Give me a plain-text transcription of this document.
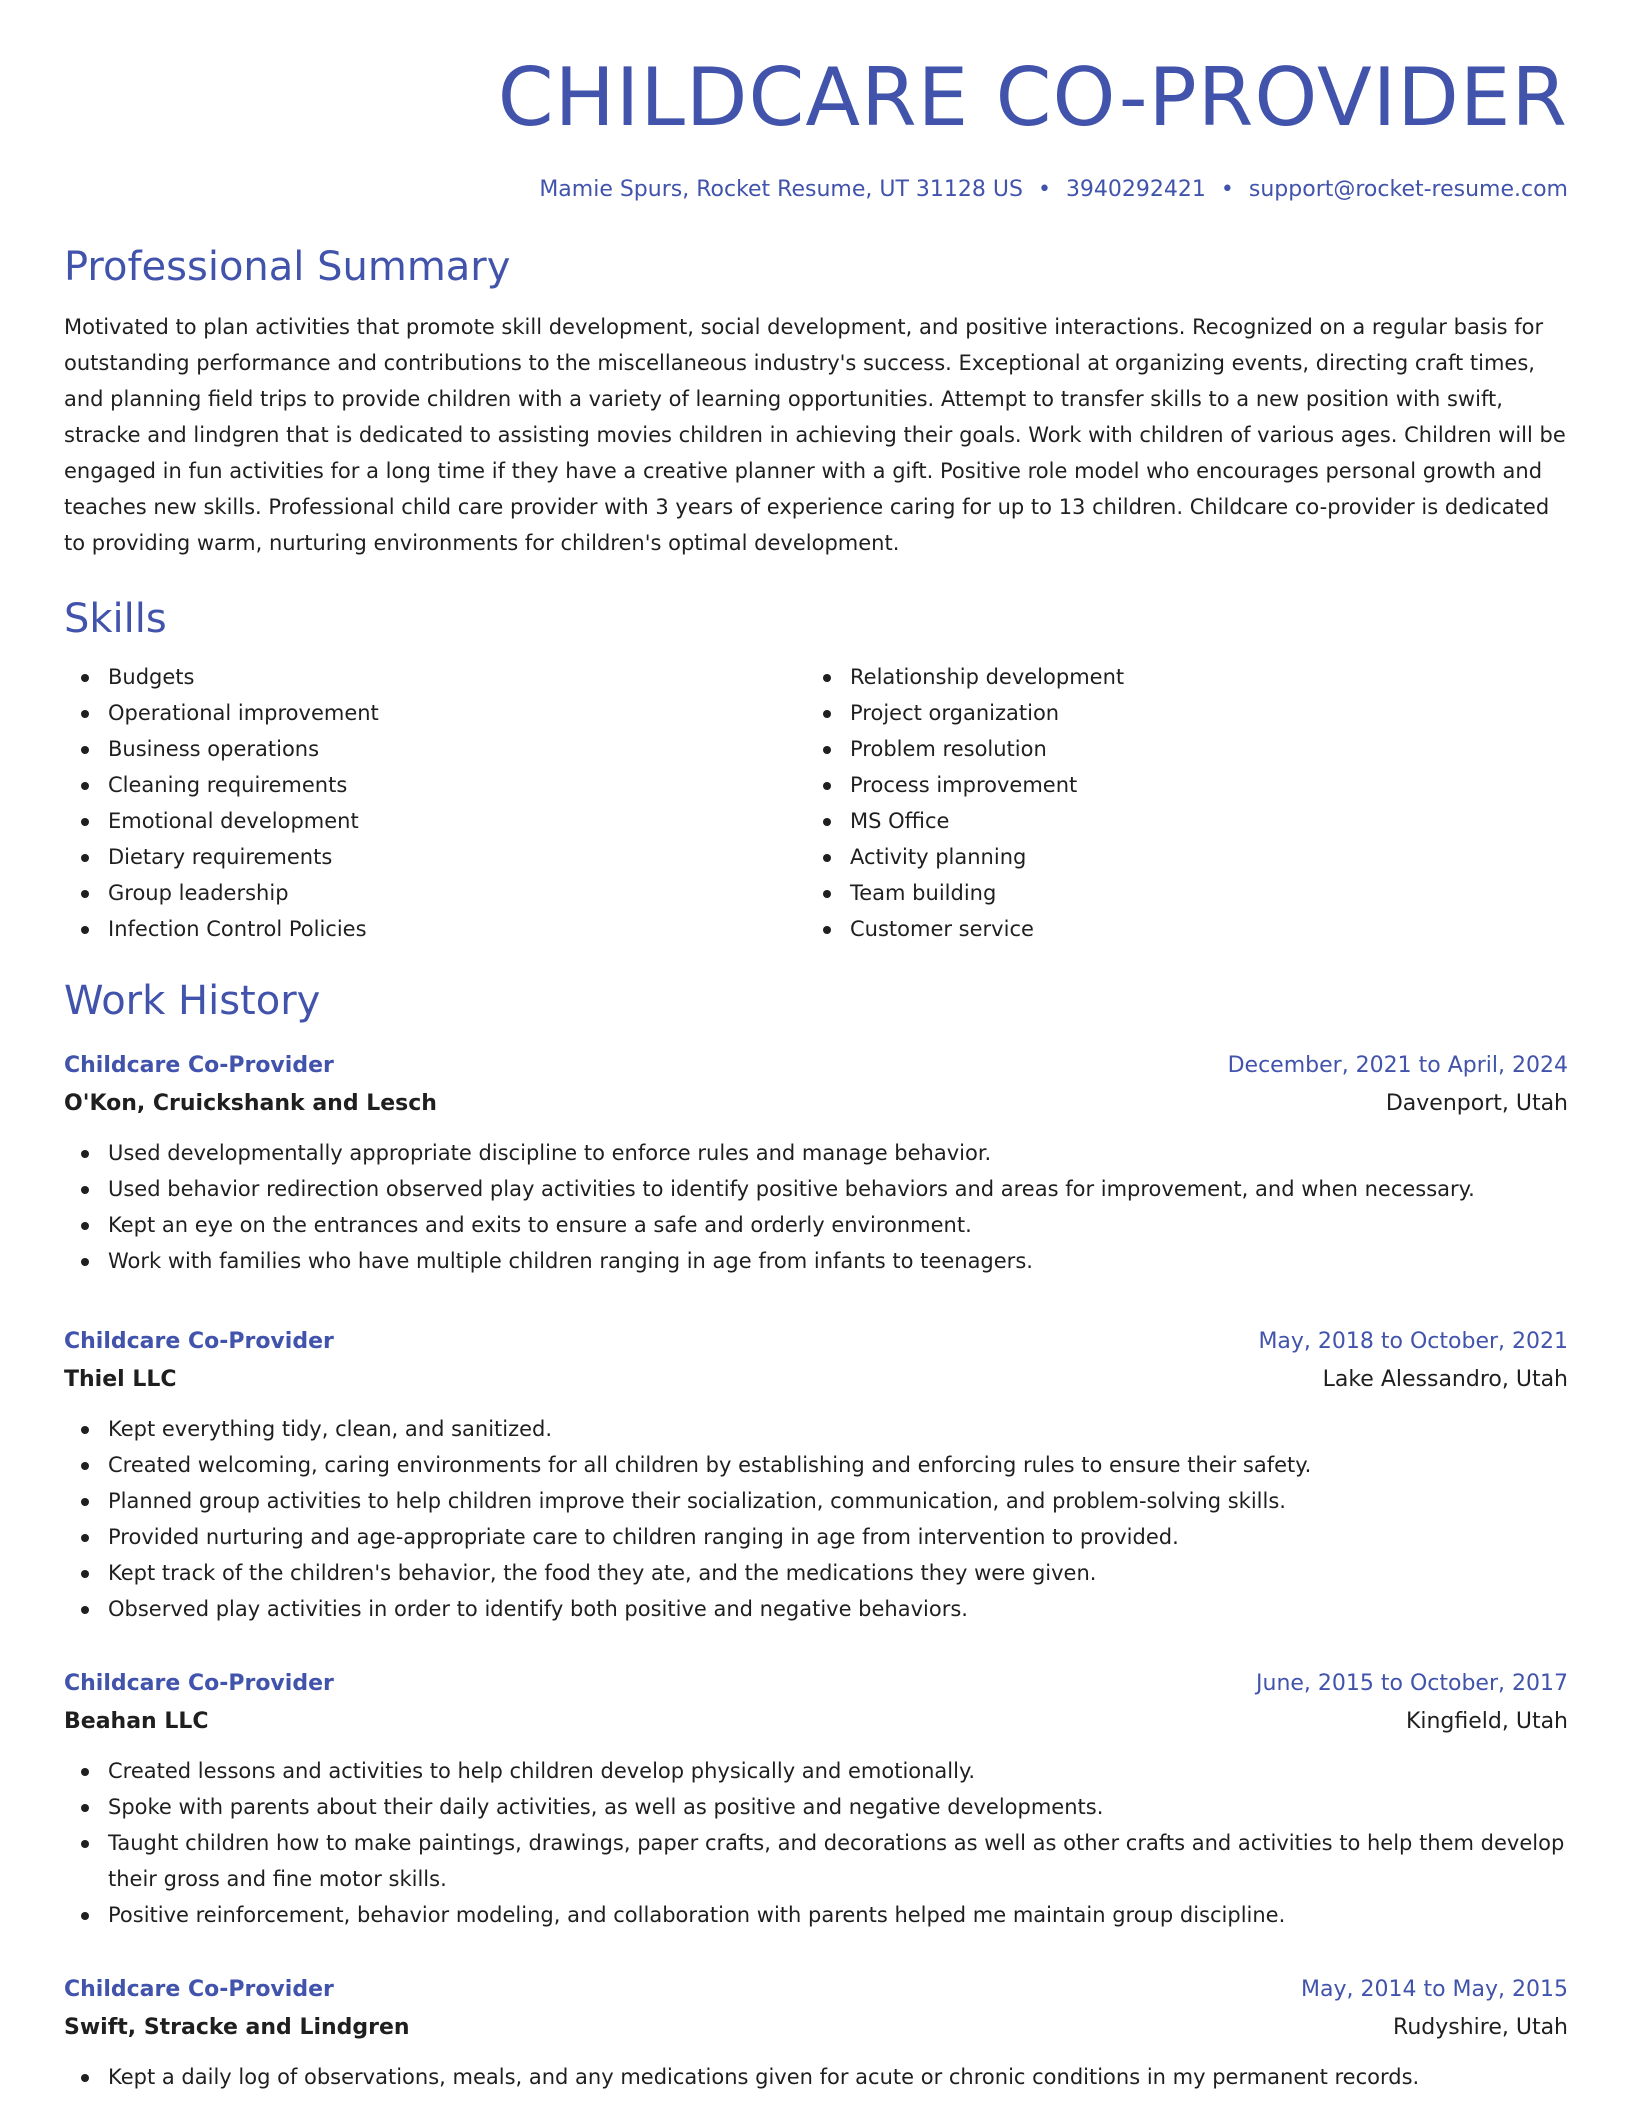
CHILDCARE CO-PROVIDER
Mamie Spurs, Rocket Resume, UT 31128 US • 3940292421 • support@rocket-resume.com
Professional Summary

Motivated to plan activities that promote skill development, social development, and positive interactions. Recognized on a regular basis for outstanding performance and contributions to the miscellaneous industry's success. Exceptional at organizing events, directing craft times, and planning field trips to provide children with a variety of learning opportunities. Attempt to transfer skills to a new position with swift, stracke and lindgren that is dedicated to assisting movies children in achieving their goals. Work with children of various ages. Children will be engaged in fun activities for a long time if they have a creative planner with a gift. Positive role model who encourages personal growth and teaches new skills. Professional child care provider with 3 years of experience caring for up to 13 children. Childcare co-provider is dedicated to providing warm, nurturing environments for children's optimal development.

Skills
Budgets
Operational improvement
Business operations
Cleaning requirements
Emotional development
Dietary requirements
Group leadership
Infection Control Policies
Relationship development
Project organization
Problem resolution
Process improvement
MS Office
Activity planning
Team building
Customer service
Work History
Childcare Co-Provider	December, 2021 to April, 2024
O'Kon, Cruickshank and Lesch	Davenport, Utah
Used developmentally appropriate discipline to enforce rules and manage behavior.
Used behavior redirection observed play activities to identify positive behaviors and areas for improvement, and when necessary.
Kept an eye on the entrances and exits to ensure a safe and orderly environment.
Work with families who have multiple children ranging in age from infants to teenagers.
Childcare Co-Provider	May, 2018 to October, 2021
Thiel LLC	Lake Alessandro, Utah
Kept everything tidy, clean, and sanitized.
Created welcoming, caring environments for all children by establishing and enforcing rules to ensure their safety.
Planned group activities to help children improve their socialization, communication, and problem-solving skills.
Provided nurturing and age-appropriate care to children ranging in age from intervention to provided.
Kept track of the children's behavior, the food they ate, and the medications they were given.
Observed play activities in order to identify both positive and negative behaviors.
Childcare Co-Provider	June, 2015 to October, 2017
Beahan LLC	Kingfield, Utah
Created lessons and activities to help children develop physically and emotionally.
Spoke with parents about their daily activities, as well as positive and negative developments.
Taught children how to make paintings, drawings, paper crafts, and decorations as well as other crafts and activities to help them develop their gross and fine motor skills.
Positive reinforcement, behavior modeling, and collaboration with parents helped me maintain group discipline.
Childcare Co-Provider	May, 2014 to May, 2015
Swift, Stracke and Lindgren	Rudyshire, Utah
Kept a daily log of observations, meals, and any medications given for acute or chronic conditions in my permanent records.
